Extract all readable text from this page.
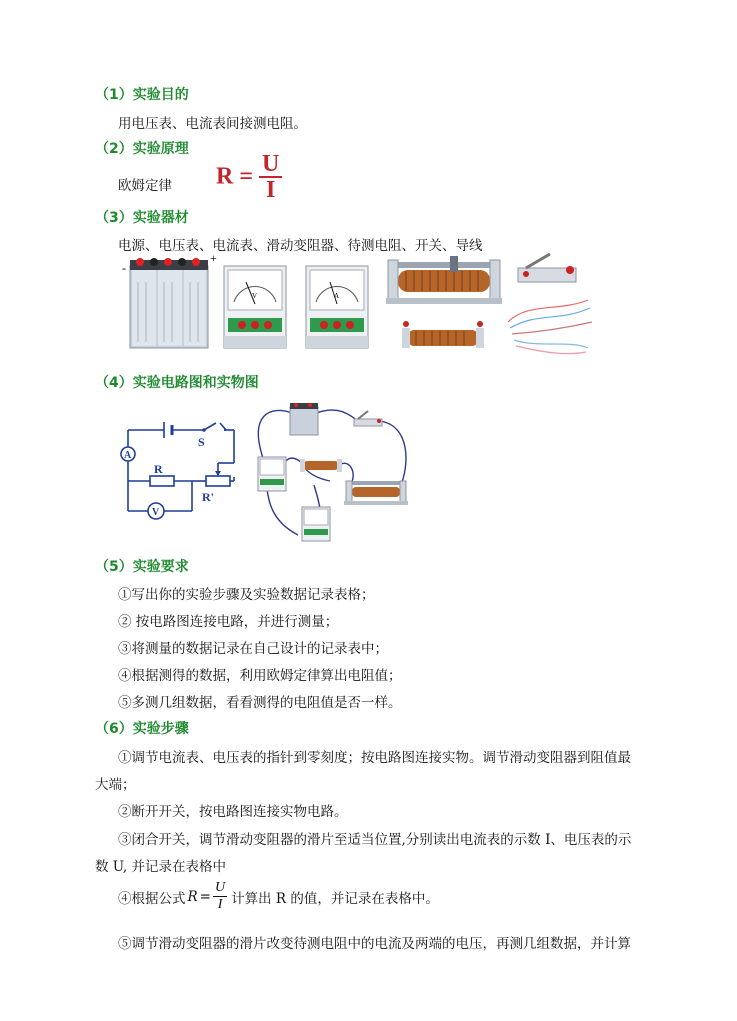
（1）实验目的
用电压表、电流表间接测电阻。
（2）实验原理
欧姆定律 $R = \frac{U}{I}$
（3）实验器材
电源、电压表、电流表、滑动变阻器、待测电阻、开关、导线
-
+
V	A
（4）实验电路图和实物图
A
R
R'
S
V
（5）实验要求
①写出你的实验步骤及实验数据记录表格；
② 按电路图连接电路，并进行测量；
③将测量的数据记录在自己设计的记录表中；
④根据测得的数据，利用欧姆定律算出电阻值；
⑤多测几组数据，看看测得的电阻值是否一样。
（6）实验步骤
①调节电流表、电压表的指针到零刻度；按电路图连接实物。调节滑动变阻器到阻值最
大端；
②断开开关，按电路图连接实物电路。
③闭合开关，调节滑动变阻器的滑片至适当位置,分别读出电流表的示数 I、电压表的示
数 U, 并记录在表格中
④根据公式 $R = \frac{U}{I}$ 计算出 R 的值，并记录在表格中。
⑤调节滑动变阻器的滑片改变待测电阻中的电流及两端的电压，再测几组数据，并计算
